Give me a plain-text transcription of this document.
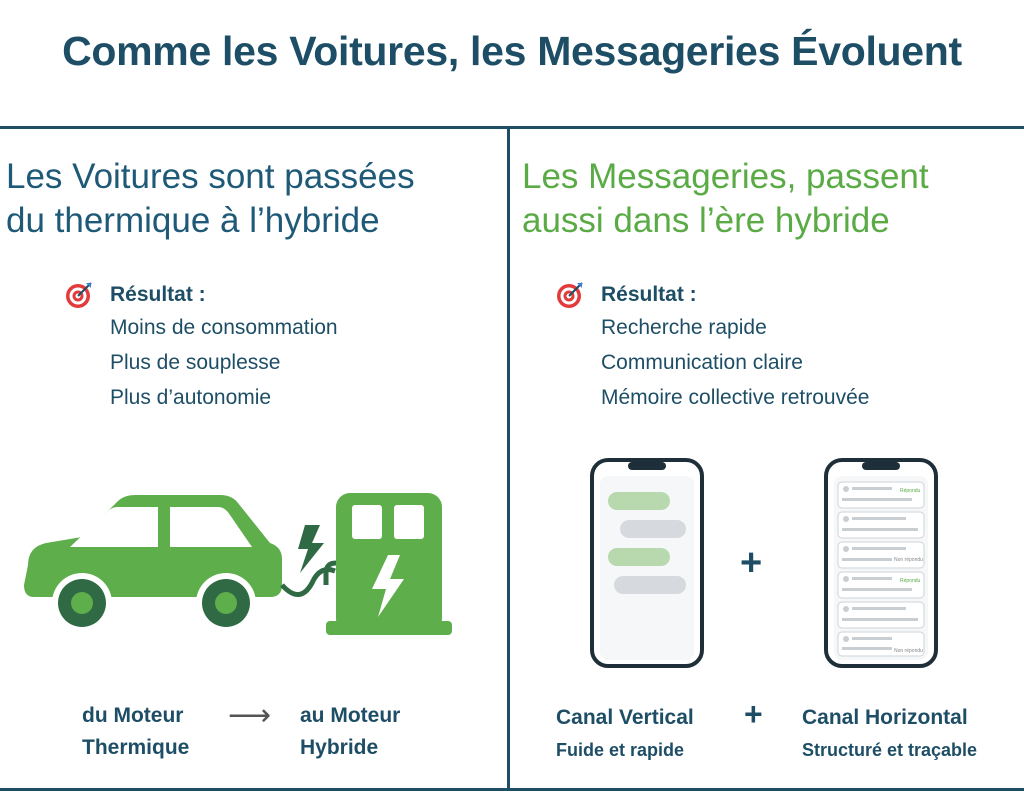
Comme les Voitures, les Messageries Évoluent
Les Voitures sont passées
du thermique à l’hybride
Résultat :
Moins de consommation
Plus de souplesse
Plus d’autonomie
du Moteur
Thermique
⟶ au Moteur
Hybride
Les Messageries, passent
aussi dans l’ère hybride
Résultat :
Recherche rapide
Communication claire
Mémoire collective retrouvée
+
Répondu
Non répondu
Répondu
Non répondu
Canal Vertical
Fuide et rapide
+ Canal Horizontal
Structuré et traçable
